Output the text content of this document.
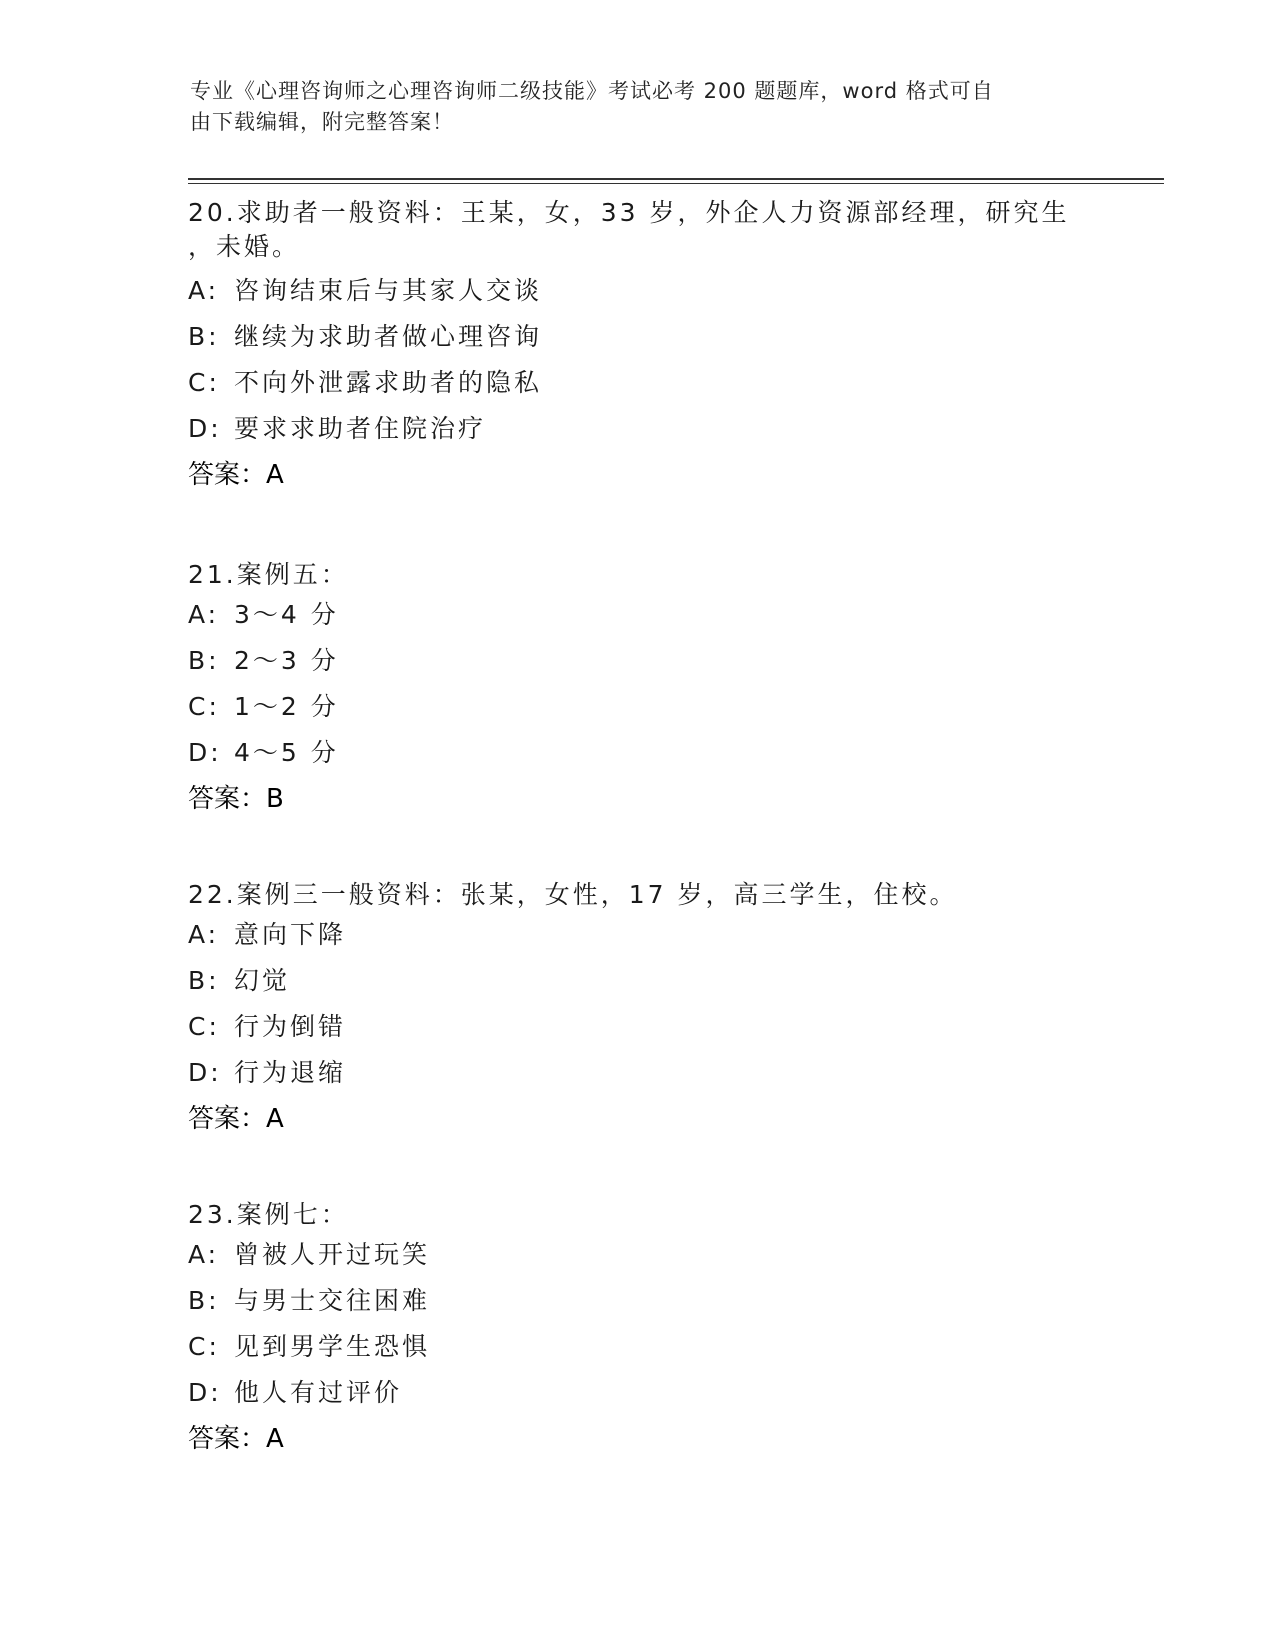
专业《心理咨询师之心理咨询师二级技能》考试必考 200 题题库，word 格式可自
由下载编辑，附完整答案！

20.求助者一般资料：王某，女，33 岁，外企人力资源部经理，研究生

，未婚。

A: 咨询结束后与其家人交谈

B: 继续为求助者做心理咨询

C: 不向外泄露求助者的隐私

D: 要求求助者住院治疗

答案：A

21.案例五：

A: 3～4 分

B: 2～3 分

C: 1～2 分

D: 4～5 分

答案：B

22.案例三一般资料：张某，女性，17 岁，高三学生，住校。

A: 意向下降

B: 幻觉

C: 行为倒错

D: 行为退缩

答案：A

23.案例七：

A: 曾被人开过玩笑

B: 与男士交往困难

C: 见到男学生恐惧

D: 他人有过评价

答案：A
